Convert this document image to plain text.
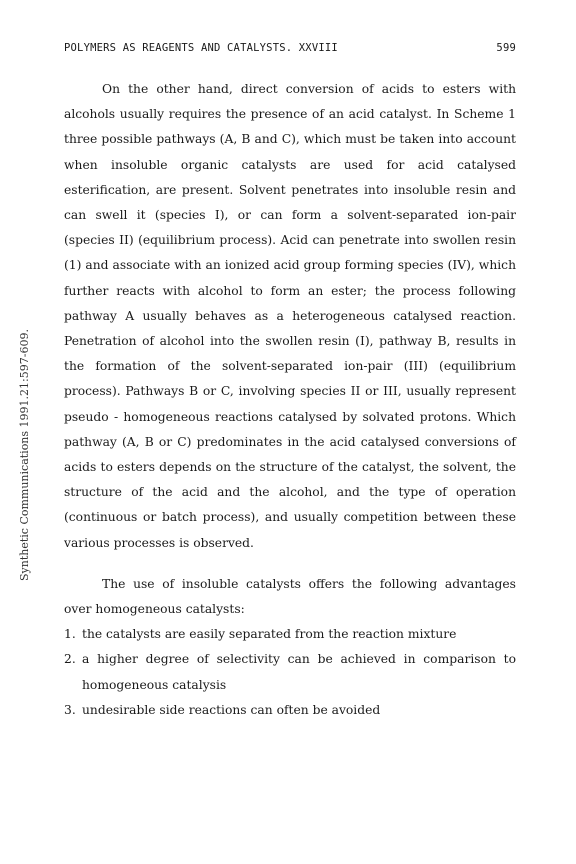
POLYMERS AS REAGENTS AND CATALYSTS. XXVIII	599
Synthetic Communications 1991.21:597-609.

On the other hand, direct conversion of acids to esters with alcohols usually requires the presence of an acid catalyst. In Scheme 1 three possible pathways (A, B and C), which must be taken into account when insoluble organic catalysts are used for acid catalysed esterification, are present. Solvent penetrates into insoluble resin and can swell it (species I), or can form a solvent-separated ion-pair (species II) (equilibrium process). Acid can penetrate into swollen resin (1) and associate with an ionized acid group forming species (IV), which further reacts with alcohol to form an ester; the process following pathway A usually behaves as a heterogeneous catalysed reaction. Penetration of alcohol into the swollen resin (I), pathway B, results in the formation of the solvent-separated ion-pair (III) (equilibrium process). Pathways B or C, involving species II or III, usually represent pseudo - homogeneous reactions catalysed by solvated protons. Which pathway (A, B or C) predominates in the acid catalysed conversions of acids to esters depends on the structure of the catalyst, the solvent, the structure of the acid and the alcohol, and the type of operation (continuous or batch process), and usually competition between these various processes is observed.

The use of insoluble catalysts offers the following advantages over homogeneous catalysts:

1. the catalysts are easily separated from the reaction mixture
2. a higher degree of selectivity can be achieved in comparison to homogeneous catalysis
3. undesirable side reactions can often be avoided
